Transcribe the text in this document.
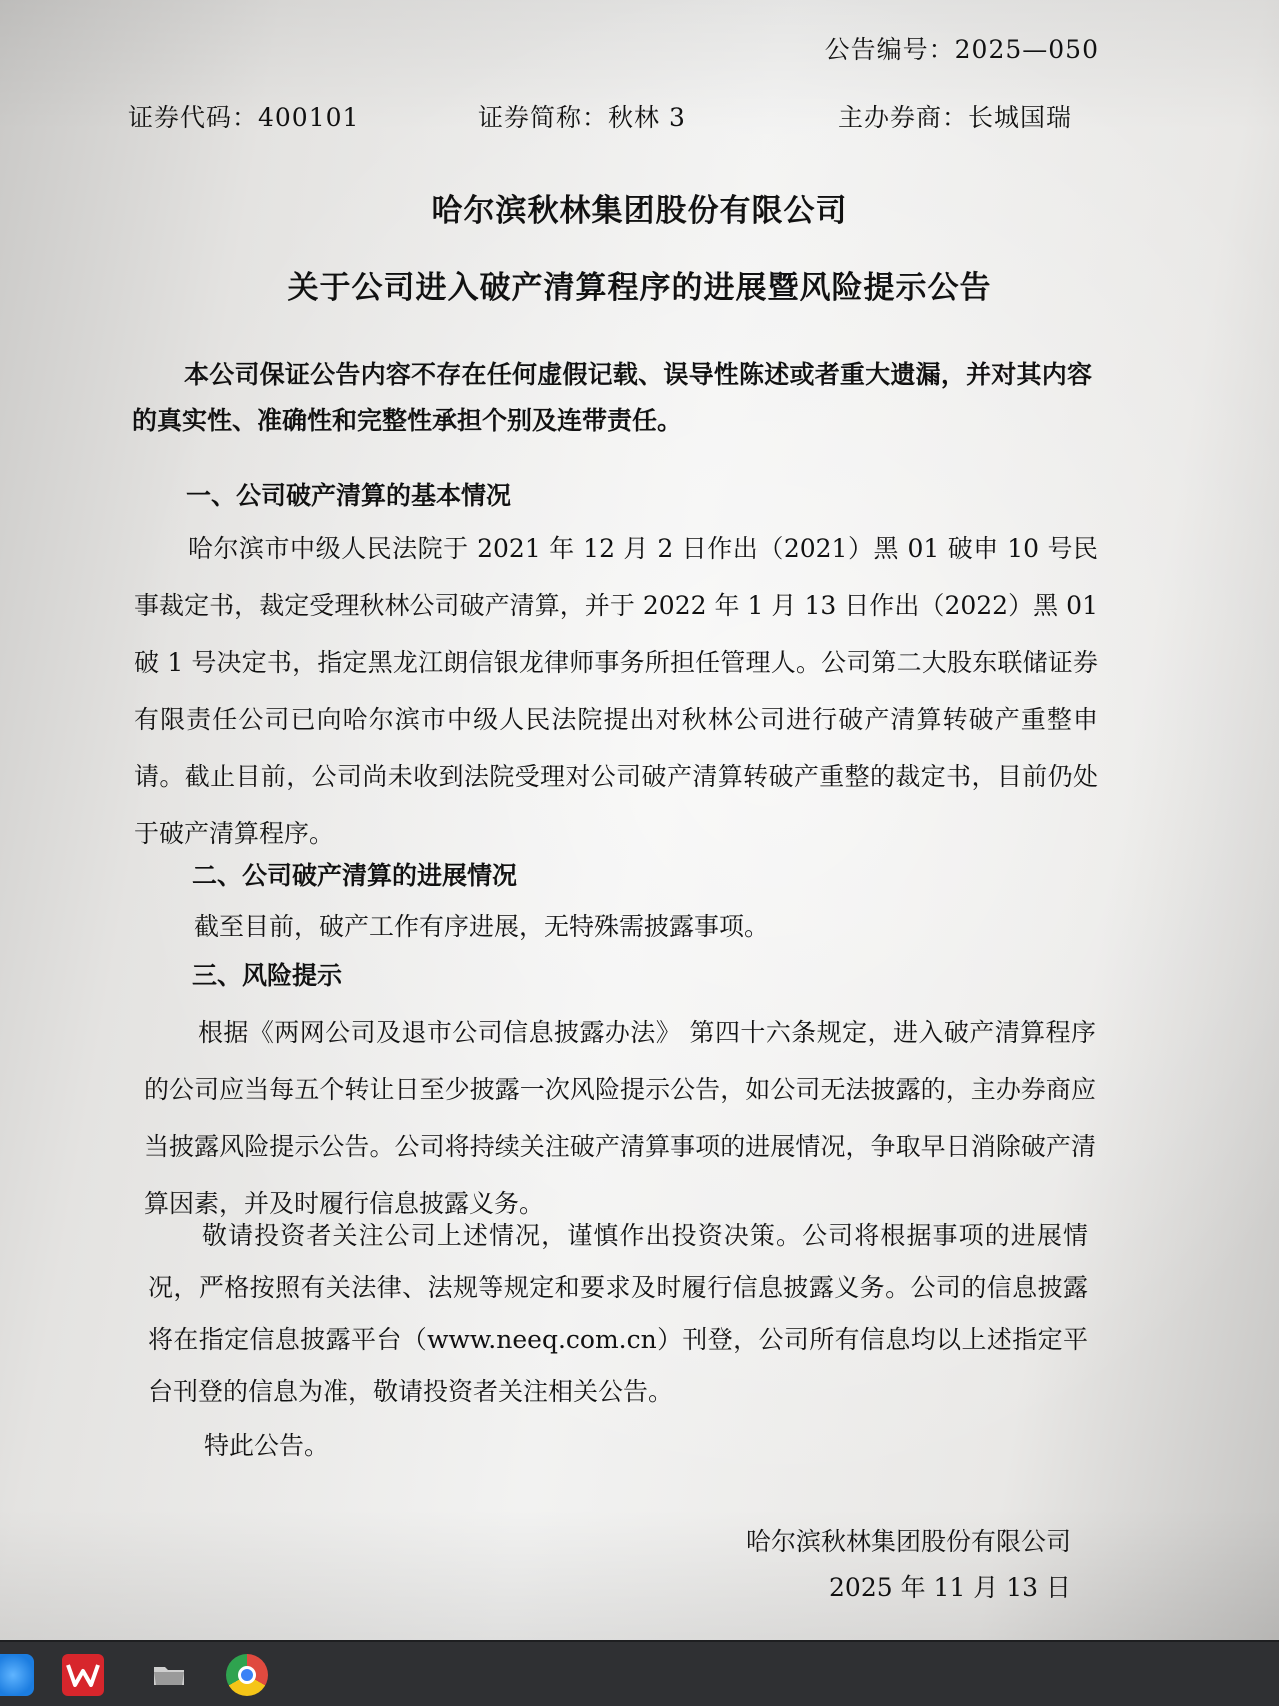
公告编号：2025—050
证券代码：400101	证券简称：秋林 3	主办券商：长城国瑞
哈尔滨秋林集团股份有限公司
关于公司进入破产清算程序的进展暨风险提示公告
本公司保证公告内容不存在任何虚假记载、误导性陈述或者重大遗漏，并对其内容的真实性、准确性和完整性承担个别及连带责任。
一、公司破产清算的基本情况
哈尔滨市中级人民法院于 2021 年 12 月 2 日作出（2021）黑 01 破申 10 号民事裁定书，裁定受理秋林公司破产清算，并于 2022 年 1 月 13 日作出（2022）黑 01 破 1 号决定书，指定黑龙江朗信银龙律师事务所担任管理人。公司第二大股东联储证券有限责任公司已向哈尔滨市中级人民法院提出对秋林公司进行破产清算转破产重整申请。截止目前，公司尚未收到法院受理对公司破产清算转破产重整的裁定书，目前仍处于破产清算程序。
二、公司破产清算的进展情况
截至目前，破产工作有序进展，无特殊需披露事项。
三、风险提示
根据《两网公司及退市公司信息披露办法》 第四十六条规定，进入破产清算程序的公司应当每五个转让日至少披露一次风险提示公告，如公司无法披露的，主办券商应当披露风险提示公告。公司将持续关注破产清算事项的进展情况，争取早日消除破产清算因素，并及时履行信息披露义务。
敬请投资者关注公司上述情况，谨慎作出投资决策。公司将根据事项的进展情况，严格按照有关法律、法规等规定和要求及时履行信息披露义务。公司的信息披露将在指定信息披露平台（www.neeq.com.cn）刊登，公司所有信息均以上述指定平台刊登的信息为准，敬请投资者关注相关公告。
特此公告。
哈尔滨秋林集团股份有限公司
2025 年 11 月 13 日
